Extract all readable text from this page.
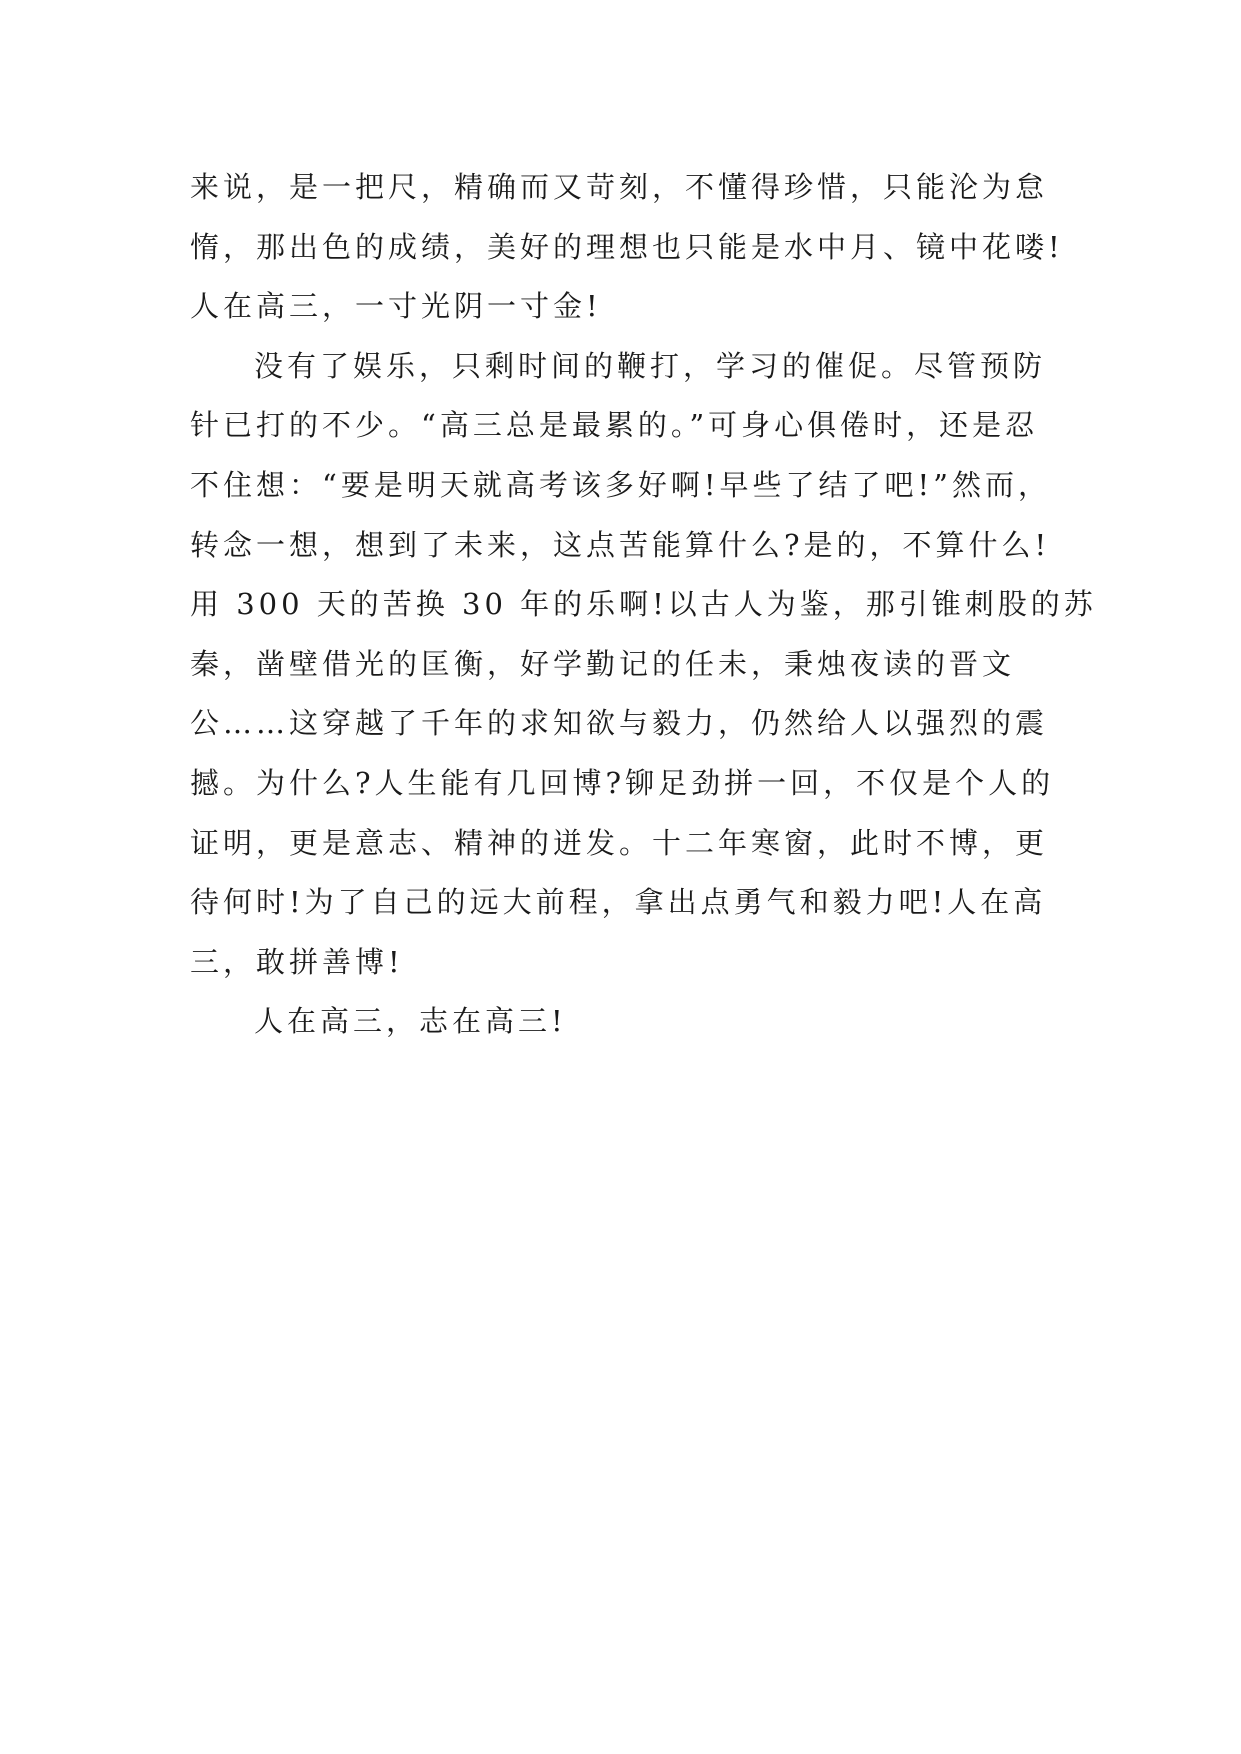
来说，是一把尺，精确而又苛刻，不懂得珍惜，只能沦为怠
惰，那出色的成绩，美好的理想也只能是水中月、镜中花喽!
人在高三，一寸光阴一寸金!
没有了娱乐，只剩时间的鞭打，学习的催促。尽管预防
针已打的不少。“高三总是最累的。”可身心俱倦时，还是忍
不住想：“要是明天就高考该多好啊!早些了结了吧!”然而，
转念一想，想到了未来，这点苦能算什么?是的，不算什么!
用 300 天的苦换 30 年的乐啊!以古人为鉴，那引锥刺股的苏
秦，凿壁借光的匡衡，好学勤记的任未，秉烛夜读的晋文
公……这穿越了千年的求知欲与毅力，仍然给人以强烈的震
撼。为什么?人生能有几回博?铆足劲拼一回，不仅是个人的
证明，更是意志、精神的迸发。十二年寒窗，此时不博，更
待何时!为了自己的远大前程，拿出点勇气和毅力吧!人在高
三，敢拼善博!
人在高三，志在高三!
